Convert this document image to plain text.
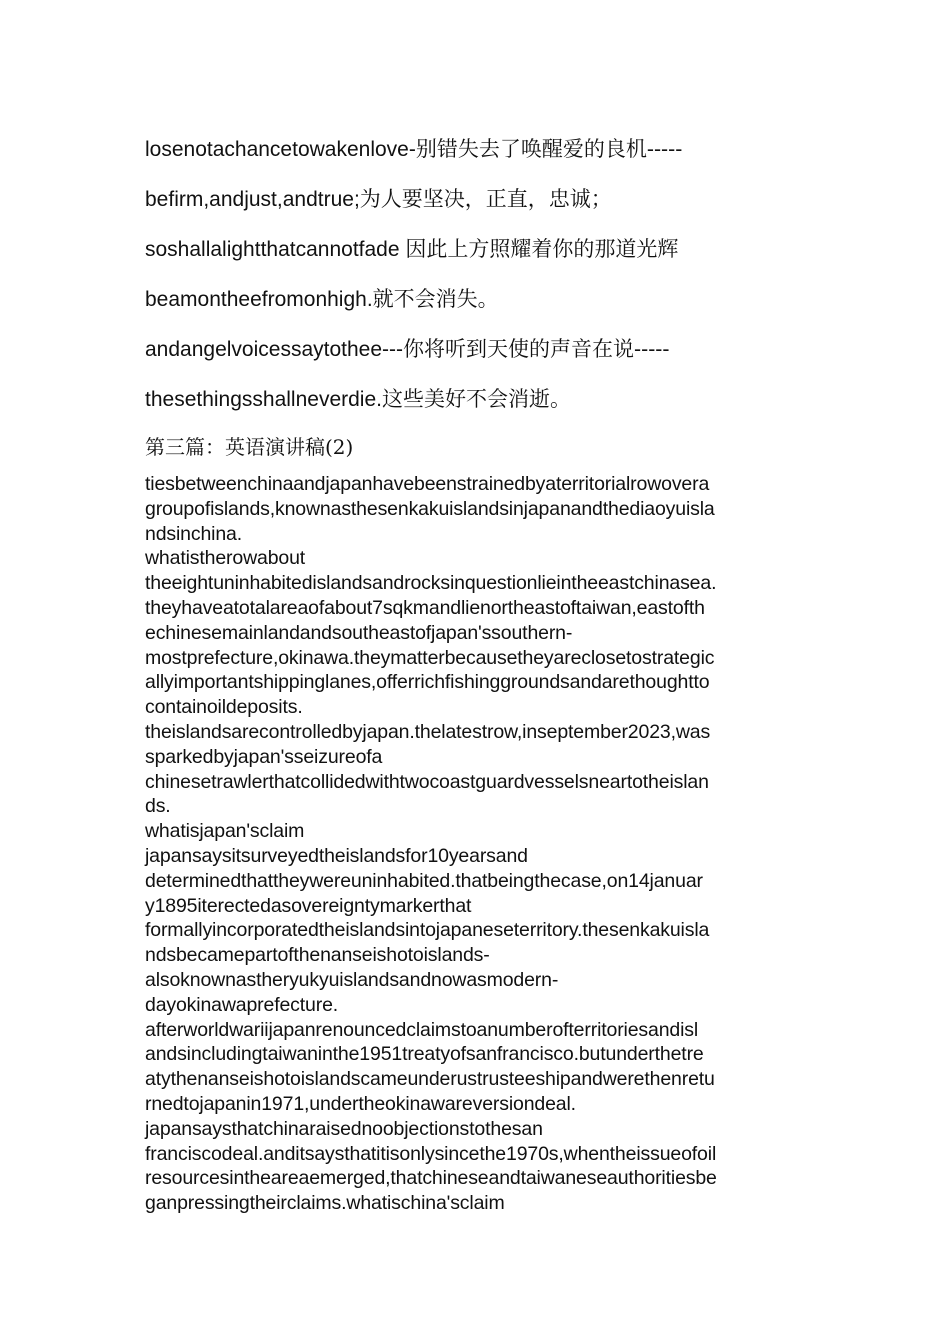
losenotachancetowakenlove-别错失去了唤醒爱的良机-----

befirm,andjust,andtrue;为人要坚决，正直，忠诚；

soshallalightthatcannotfade 因此上方照耀着你的那道光辉

beamontheefromonhigh.就不会消失。

andangelvoicessaytothee---你将听到天使的声音在说-----

thesethingsshallneverdie.这些美好不会消逝。

第三篇：英语演讲稿(2)

tiesbetweenchinaandjapanhavebeenstrainedbyaterritorialrowovera

groupofislands,knownasthesenkakuislandsinjapanandthediaoyuisla

ndsinchina.

whatistherowabout

theeightuninhabitedislandsandrocksinquestionlieintheeastchinasea.

theyhaveatotalareaofabout7sqkmandlienortheastoftaiwan,eastofth

echinesemainlandandsoutheastofjapan'ssouthern-

mostprefecture,okinawa.theymatterbecausetheyareclosetostrategic

allyimportantshippinglanes,offerrichfishinggroundsandarethoughtto

containoildeposits.

theislandsarecontrolledbyjapan.thelatestrow,inseptember2023,was

sparkedbyjapan'sseizureofa

chinesetrawlerthatcollidedwithtwocoastguardvesselsneartotheislan

ds.

whatisjapan'sclaim

japansaysitsurveyedtheislandsfor10yearsand

determinedthattheywereuninhabited.thatbeingthecase,on14januar

y1895iterectedasovereigntymarkerthat

formallyincorporatedtheislandsintojapaneseterritory.thesenkakuisla

ndsbecamepartofthenanseishotoislands-

alsoknownastheryukyuislandsandnowasmodern-

dayokinawaprefecture.

afterworldwariijapanrenouncedclaimstoanumberofterritoriesandisl

andsincludingtaiwaninthe1951treatyofsanfrancisco.butunderthetre

atythenanseishotoislandscameunderustrusteeshipandwerethenretu

rnedtojapanin1971,undertheokinawareversiondeal.

japansaysthatchinaraisednoobjectionstothesan

franciscodeal.anditsaysthatitisonlysincethe1970s,whentheissueofoil

resourcesintheareaemerged,thatchineseandtaiwaneseauthoritiesbe

ganpressingtheirclaims.whatischina'sclaim
